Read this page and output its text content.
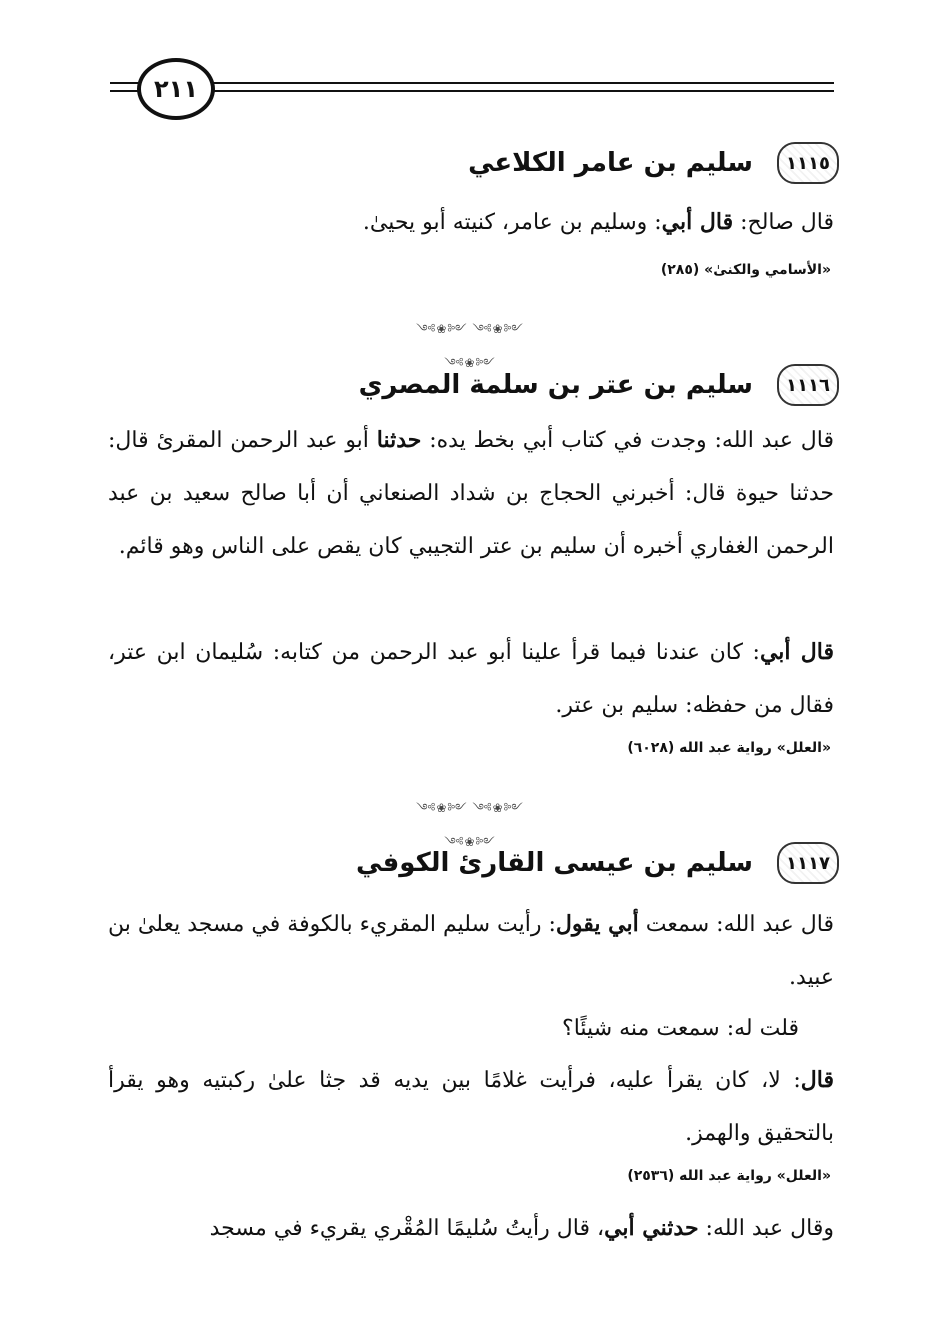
٢١١
١١١٥
سليم بن عامر الكلاعي

قال صالح: قال أبي: وسليم بن عامر، كنيته أبو يحيىٰ.

«الأسامي والكنىٰ» (٢٨٥)
༺❀༻ ༺❀༻ ༺❀༻
١١١٦
سليم بن عتر بن سلمة المصري

قال عبد الله: وجدت في كتاب أبي بخط يده: حدثنا أبو عبد الرحمن المقرئ قال: حدثنا حيوة قال: أخبرني الحجاج بن شداد الصنعاني أن أبا صالح سعيد بن عبد الرحمن الغفاري أخبره أن سليم بن عتر التجيبي كان يقص على الناس وهو قائم.

قال أبي: كان عندنا فيما قرأ علينا أبو عبد الرحمن من كتابه: سُليمان ابن عتر، فقال من حفظه: سليم بن عتر.

«العلل» رواية عبد الله (٦٠٢٨)
༺❀༻ ༺❀༻ ༺❀༻
١١١٧
سليم بن عيسى القارئ الكوفي

قال عبد الله: سمعت أبي يقول: رأيت سليم المقريء بالكوفة في مسجد يعلىٰ بن عبيد.

قلت له: سمعت منه شيئًا؟

قال: لا، كان يقرأ عليه، فرأيت غلامًا بين يديه قد جثا علىٰ ركبتيه وهو يقرأ بالتحقيق والهمز.

«العلل» رواية عبد الله (٢٥٣٦)

وقال عبد الله: حدثني أبي، قال رأيتُ سُليمًا المُقْري يقريء في مسجد
